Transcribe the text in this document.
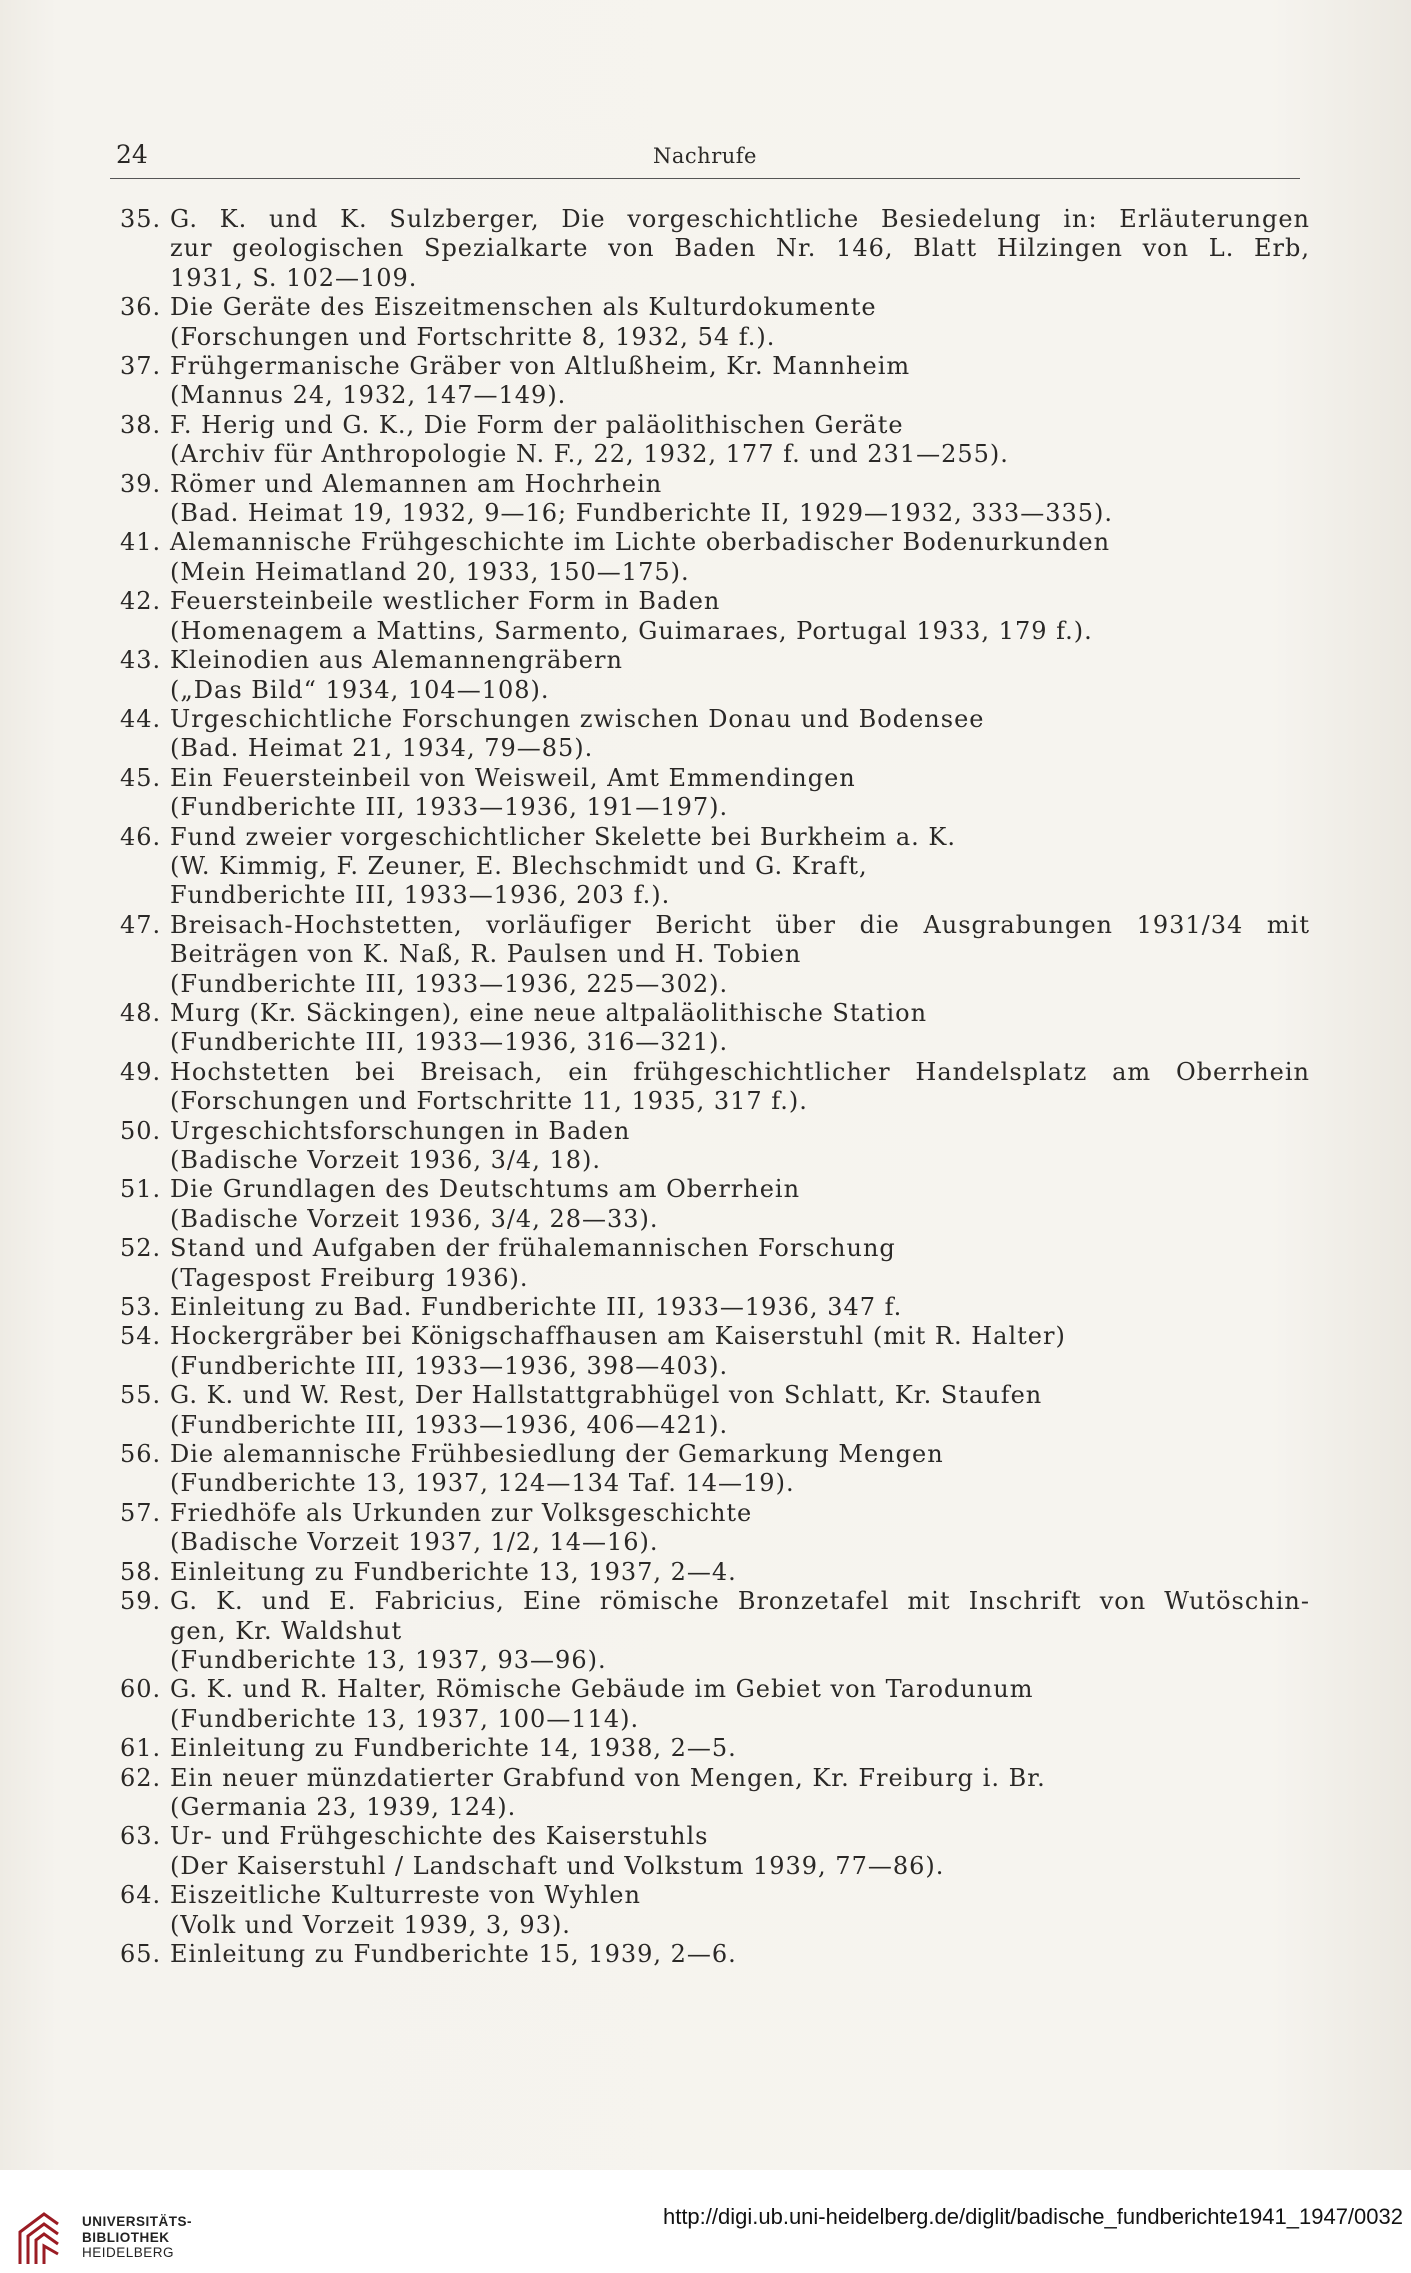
24	Nachrufe
35. G. K. und K. Sulzberger, Die vorgeschichtliche Besiedelung in: Erläuterungen
zur geologischen Spezialkarte von Baden Nr. 146, Blatt Hilzingen von L. Erb,
1931, S. 102—109.
36. Die Geräte des Eiszeitmenschen als Kulturdokumente
(Forschungen und Fortschritte 8, 1932, 54 f.).
37. Frühgermanische Gräber von Altlußheim, Kr. Mannheim
(Mannus 24, 1932, 147—149).
38. F. Herig und G. K., Die Form der paläolithischen Geräte
(Archiv für Anthropologie N. F., 22, 1932, 177 f. und 231—255).
39. Römer und Alemannen am Hochrhein
(Bad. Heimat 19, 1932, 9—16; Fundberichte II, 1929—1932, 333—335).
41. Alemannische Frühgeschichte im Lichte oberbadischer Bodenurkunden
(Mein Heimatland 20, 1933, 150—175).
42. Feuersteinbeile westlicher Form in Baden
(Homenagem a Mattins, Sarmento, Guimaraes, Portugal 1933, 179 f.).
43. Kleinodien aus Alemannengräbern
(„Das Bild“ 1934, 104—108).
44. Urgeschichtliche Forschungen zwischen Donau und Bodensee
(Bad. Heimat 21, 1934, 79—85).
45. Ein Feuersteinbeil von Weisweil, Amt Emmendingen
(Fundberichte III, 1933—1936, 191—197).
46. Fund zweier vorgeschichtlicher Skelette bei Burkheim a. K.
(W. Kimmig, F. Zeuner, E. Blechschmidt und G. Kraft,
Fundberichte III, 1933—1936, 203 f.).
47. Breisach-Hochstetten, vorläufiger Bericht über die Ausgrabungen 1931/34 mit
Beiträgen von K. Naß, R. Paulsen und H. Tobien
(Fundberichte III, 1933—1936, 225—302).
48. Murg (Kr. Säckingen), eine neue altpaläolithische Station
(Fundberichte III, 1933—1936, 316—321).
49. Hochstetten bei Breisach, ein frühgeschichtlicher Handelsplatz am Oberrhein
(Forschungen und Fortschritte 11, 1935, 317 f.).
50. Urgeschichtsforschungen in Baden
(Badische Vorzeit 1936, 3/4, 18).
51. Die Grundlagen des Deutschtums am Oberrhein
(Badische Vorzeit 1936, 3/4, 28—33).
52. Stand und Aufgaben der frühalemannischen Forschung
(Tagespost Freiburg 1936).
53. Einleitung zu Bad. Fundberichte III, 1933—1936, 347 f.
54. Hockergräber bei Königschaffhausen am Kaiserstuhl (mit R. Halter)
(Fundberichte III, 1933—1936, 398—403).
55. G. K. und W. Rest, Der Hallstattgrabhügel von Schlatt, Kr. Staufen
(Fundberichte III, 1933—1936, 406—421).
56. Die alemannische Frühbesiedlung der Gemarkung Mengen
(Fundberichte 13, 1937, 124—134 Taf. 14—19).
57. Friedhöfe als Urkunden zur Volksgeschichte
(Badische Vorzeit 1937, 1/2, 14—16).
58. Einleitung zu Fundberichte 13, 1937, 2—4.
59. G. K. und E. Fabricius, Eine römische Bronzetafel mit Inschrift von Wutöschin-
gen, Kr. Waldshut
(Fundberichte 13, 1937, 93—96).
60. G. K. und R. Halter, Römische Gebäude im Gebiet von Tarodunum
(Fundberichte 13, 1937, 100—114).
61. Einleitung zu Fundberichte 14, 1938, 2—5.
62. Ein neuer münzdatierter Grabfund von Mengen, Kr. Freiburg i. Br.
(Germania 23, 1939, 124).
63. Ur- und Frühgeschichte des Kaiserstuhls
(Der Kaiserstuhl / Landschaft und Volkstum 1939, 77—86).
64. Eiszeitliche Kulturreste von Wyhlen
(Volk und Vorzeit 1939, 3, 93).
65. Einleitung zu Fundberichte 15, 1939, 2—6.
UNIVERSITÄTS-
BIBLIOTHEK
HEIDELBERG
http://digi.ub.uni-heidelberg.de/diglit/badische_fundberichte1941_1947/0032
